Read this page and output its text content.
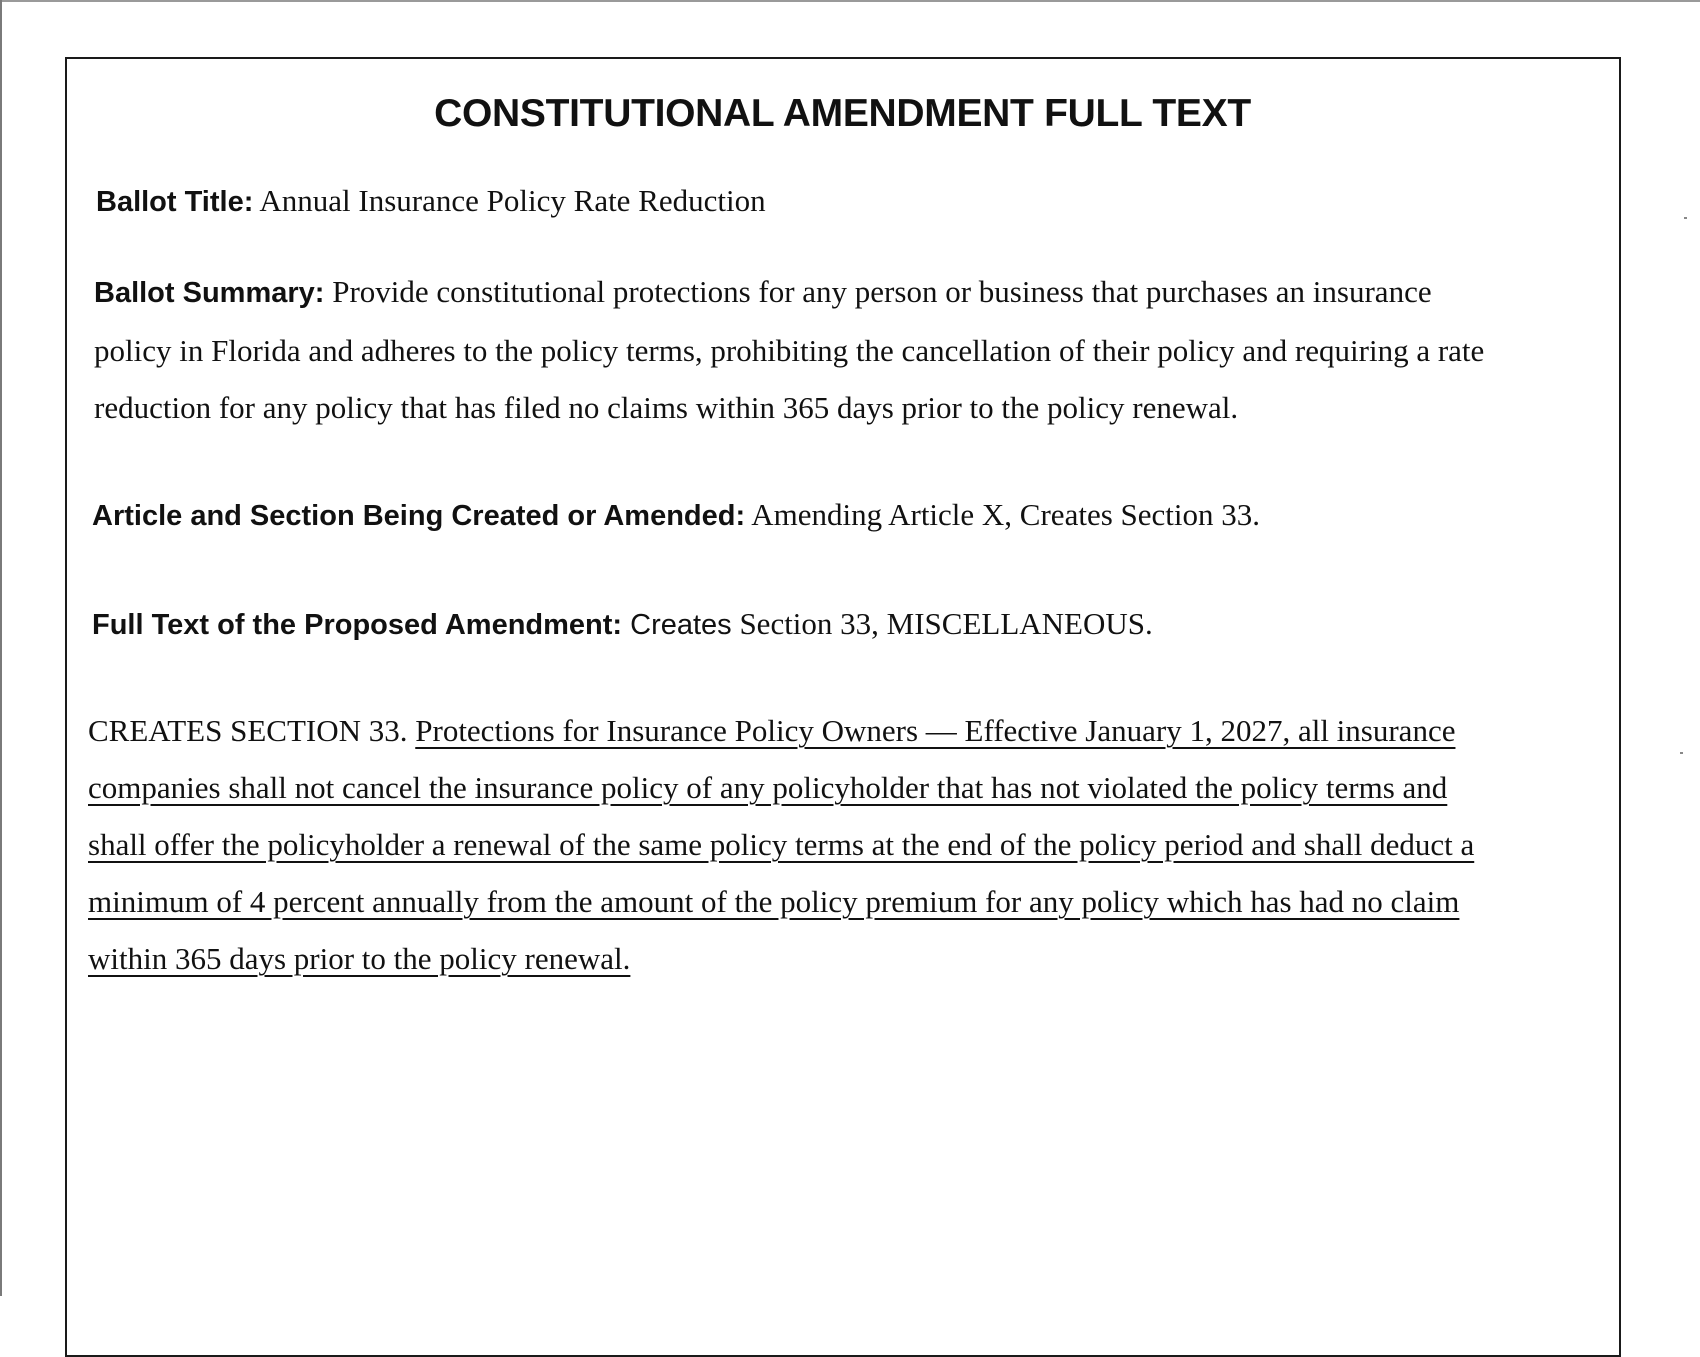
CONSTITUTIONAL AMENDMENT FULL TEXT
Ballot Title: Annual Insurance Policy Rate Reduction
Ballot Summary: Provide constitutional protections for any person or business that purchases an insurance
policy in Florida and adheres to the policy terms, prohibiting the cancellation of their policy and requiring a rate
reduction for any policy that has filed no claims within 365 days prior to the policy renewal.
Article and Section Being Created or Amended: Amending Article X, Creates Section 33.
Full Text of the Proposed Amendment: Creates Section 33, MISCELLANEOUS.
CREATES SECTION 33. Protections for Insurance Policy Owners — Effective January 1, 2027, all insurance
companies shall not cancel the insurance policy of any policyholder that has not violated the policy terms and
shall offer the policyholder a renewal of the same policy terms at the end of the policy period and shall deduct a
minimum of 4 percent annually from the amount of the policy premium for any policy which has had no claim
within 365 days prior to the policy renewal.
